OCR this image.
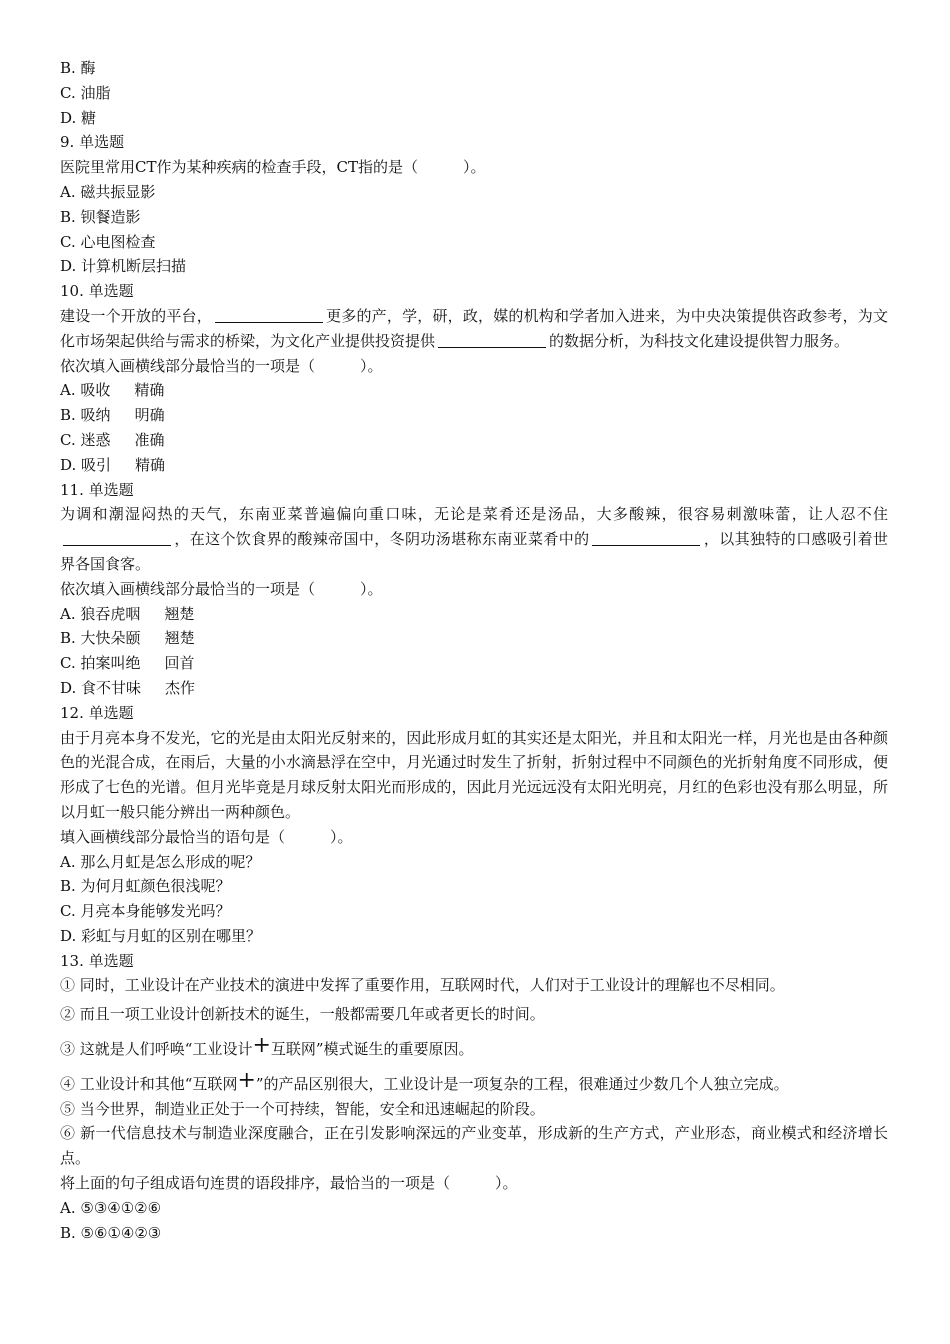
B. 酶
C. 油脂
D. 糖
9. 单选题
医院里常用CT作为某种疾病的检查手段，CT指的是（　　　）。
A. 磁共振显影
B. 钡餐造影
C. 心电图检查
D. 计算机断层扫描
10. 单选题
建设一个开放的平台，	更多的产，学，研，政，媒的机构和学者加入进来，为中央决策提供咨政参考，为文化市场架起供给与需求的桥梁，为文化产业提供投资提供	的数据分析，为科技文化建设提供智力服务。
依次填入画横线部分最恰当的一项是（　　　）。
A. 吸收 精确
B. 吸纳 明确
C. 迷惑 准确
D. 吸引 精确
11. 单选题
为调和潮湿闷热的天气，东南亚菜普遍偏向重口味，无论是菜肴还是汤品，大多酸辣，很容易刺激味蕾，让人忍不住，在这个饮食界的酸辣帝国中，冬阴功汤堪称东南亚菜肴中的	，以其独特的口感吸引着世界各国食客。
依次填入画横线部分最恰当的一项是（　　　）。
A. 狼吞虎咽 翘楚
B. 大快朵颐 翘楚
C. 拍案叫绝 回首
D. 食不甘味 杰作
12. 单选题
由于月亮本身不发光，它的光是由太阳光反射来的，因此形成月虹的其实还是太阳光，并且和太阳光一样，月光也是由各种颜色的光混合成，在雨后，大量的小水滴悬浮在空中，月光通过时发生了折射，折射过程中不同颜色的光折射角度不同形成，便形成了七色的光谱。但月光毕竟是月球反射太阳光而形成的，因此月光远远没有太阳光明亮，月红的色彩也没有那么明显，所以月虹一般只能分辨出一两种颜色。
填入画横线部分最恰当的语句是（　　　）。
A. 那么月虹是怎么形成的呢？
B. 为何月虹颜色很浅呢？
C. 月亮本身能够发光吗？
D. 彩虹与月虹的区别在哪里？
13. 单选题
① 同时，工业设计在产业技术的演进中发挥了重要作用，互联网时代，人们对于工业设计的理解也不尽相同。
② 而且一项工业设计创新技术的诞生，一般都需要几年或者更长的时间。
③ 这就是人们呼唤“工业设计+互联网”模式诞生的重要原因。
④ 工业设计和其他“互联网+”的产品区别很大，工业设计是一项复杂的工程，很难通过少数几个人独立完成。
⑤ 当今世界，制造业正处于一个可持续，智能，安全和迅速崛起的阶段。
⑥ 新一代信息技术与制造业深度融合，正在引发影响深远的产业变革，形成新的生产方式，产业形态，商业模式和经济增长点。
将上面的句子组成语句连贯的语段排序，最恰当的一项是（　　　）。
A. ⑤③④①②⑥
B. ⑤⑥①④②③
